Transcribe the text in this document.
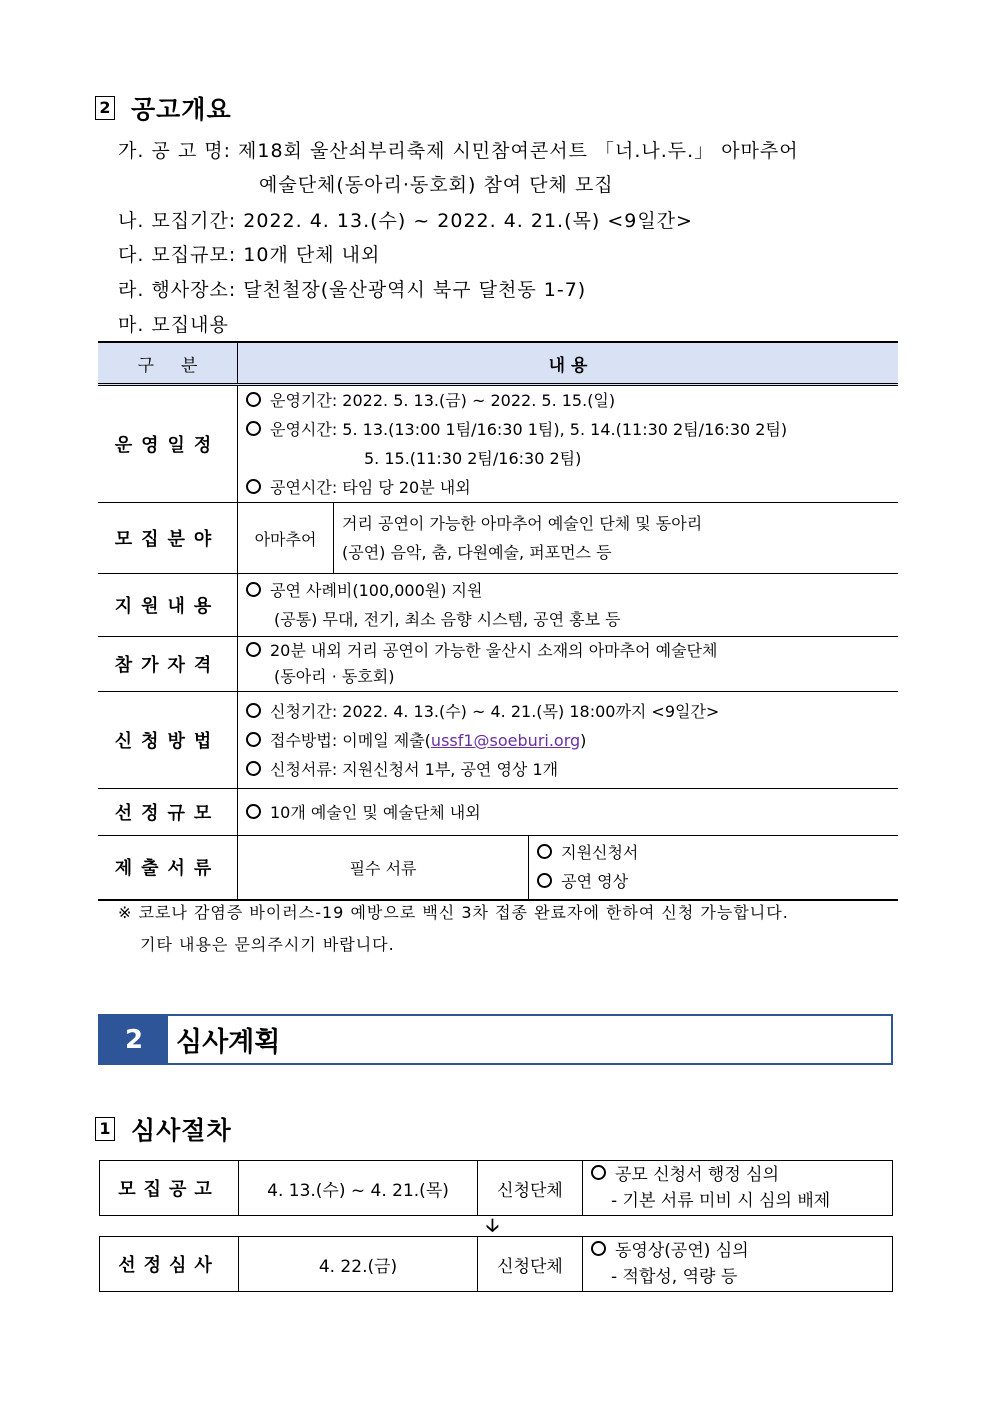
2 공고개요
가. 공 고 명: 제18회 울산쇠부리축제 시민참여콘서트 「너.나.두.」 아마추어
예술단체(동아리·동호회) 참여 단체 모집
나. 모집기간: 2022. 4. 13.(수) ~ 2022. 4. 21.(목) <9일간>
다. 모집규모: 10개 단체 내외
라. 행사장소: 달천철장(울산광역시 북구 달천동 1-7)
마. 모집내용
구     분	내 용		
운영일정	운영기간: 2022. 5. 13.(금) ~ 2022. 5. 15.(일)
운영시간: 5. 13.(13:00 1팀/16:30 1팀), 5. 14.(11:30 2팀/16:30 2팀)
5. 15.(11:30 2팀/16:30 2팀)
공연시간: 타임 당 20분 내외		

모집분야	아마추어	거리 공연이 가능한 아마추어 예술인 단체 및 동아리
(공연) 음악, 춤, 다원예술, 퍼포먼스 등	

지원내용	공연 사례비(100,000원) 지원
(공통) 무대, 전기, 최소 음향 시스템, 공연 홍보 등		

참가자격	20분 내외 거리 공연이 가능한 울산시 소재의 아마추어 예술단체
(동아리 · 동호회)		

신청방법	신청기간: 2022. 4. 13.(수) ~ 4. 21.(목) 18:00까지 <9일간>
접수방법: 이메일 제출(ussf1@soeburi.org)
신청서류: 지원신청서 1부, 공연 영상 1개		

선정규모	10개 예술인 및 예술단체 내외		

제출서류	필수 서류		지원신청서
공연 영상
※ 코로나 감염증 바이러스-19 예방으로 백신 3차 접종 완료자에 한하여 신청 가능합니다.
기타 내용은 문의주시기 바랍니다.
2	심사계획
1 심사절차
모집공고	4. 13.(수) ~ 4. 21.(목)	신청단체	
공모 신청서 행정 심의
- 기본 서류 미비 시 심의 배제
🡣
선정심사	4. 22.(금)	신청단체	
동영상(공연) 심의
- 적합성, 역량 등
